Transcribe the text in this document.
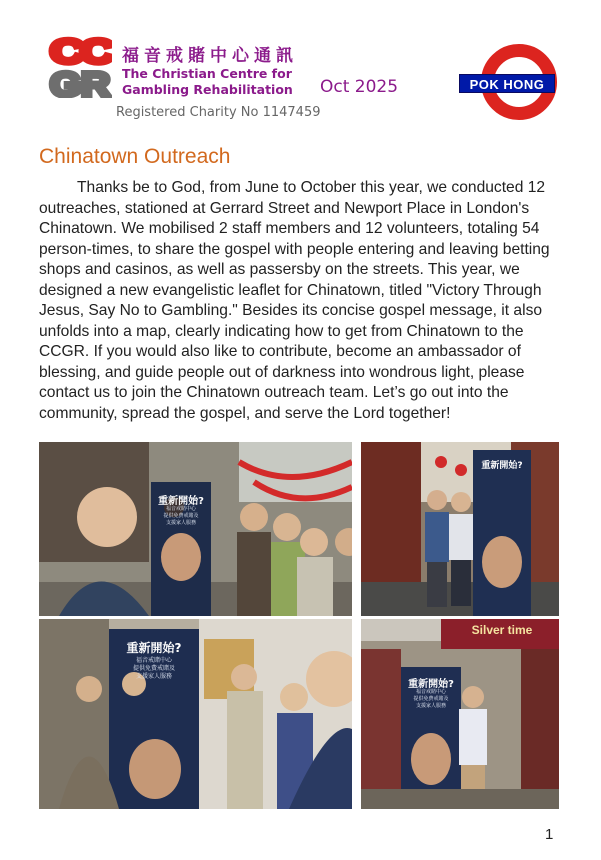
CC
GR
福音戒賭中心通訊
The Christian Centre for
Gambling Rehabilitation	Oct 2025
Registered Charity No 1147459
POK HONG
Chinatown Outreach

Thanks be to God, from June to October this year, we conducted 12 outreaches, stationed at Gerrard Street and Newport Place in London's Chinatown. We mobilised 2 staff members and 12 volunteers, totaling 54 person-times, to share the gospel with people entering and leaving betting shops and casinos, as well as passersby on the streets. This year, we designed a new evangelistic leaflet for Chinatown, titled "Victory Through Jesus, Say No to Gambling." Besides its concise gospel message, it also unfolds into a map, clearly indicating how to get from Chinatown to the CCGR. If you would also like to contribute, become an ambassador of blessing, and guide people out of darkness into wondrous light, please contact us to join the Chinatown outreach team. Let’s go out into the community, spread the gospel, and serve the Lord together!

重新開始?
福音戒賭中心
提供免費戒賭及
支援家人服務
重新開始?
重新開始?
福音戒賭中心
提供免費戒賭及
支援家人服務
Silver time
重新開始?
福音戒賭中心
提供免費戒賭及
支援家人服務
1
